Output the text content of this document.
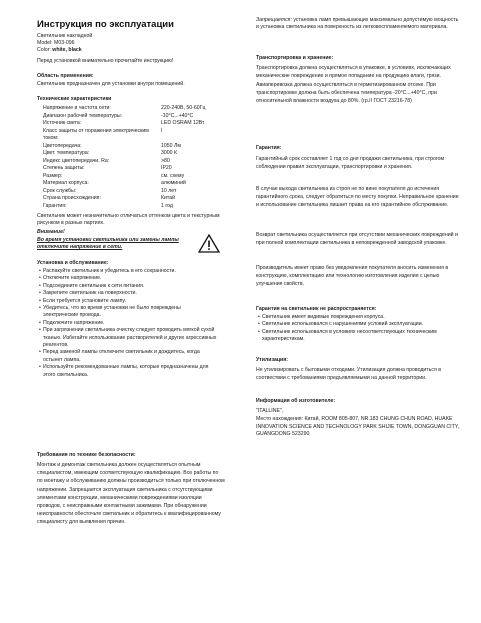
Инструкция по эксплуатации

Светильник накладной

Model: M03-096

Color: white, black

Перед установкой внимательно прочитайте инструкцию!

Область применения:

Светильник предназначен для установки внутри помещений.

Технические характеристики

Напряжение и частота сети:	220-240В, 50-60Гц
Диапазон рабочей температуры:	-10°С...+40°С
Источник света:	LED OSRAM 12Вт
Класс защиты от поражения электрическим током:	I
Цветопередача:	1050 Лм
Цвет. температура:	3000 К
Индекс цветопередачи, Ra:	>80
Степень защиты:	IP20
Размер:	см. схему
Материал корпуса:	алюминий
Срок службы:	10 лет
Страна происхождения:	Китай
Гарантия:	1 год

Светильник может незначительно отличаться оттенком цвета и текстурным рисунком в разных партиях.

Внимание!

Во время установки светильника или замены лампы отключите напряжение в сети.

Установка и обслуживание:

• Распакуйте светильник и убедитесь в его сохранности.
• Отключите напряжение.
• Подсоедините светильник к сети питания.
• Закрепите светильник на поверхности.
• Если требуется установите лампу.
• Убедитесь, что во время установки не было повреждены электрические провода.
• Подключите напряжение.
• При загрязнении светильника очистку следует проводить мягкой сухой тканью. Избегайте использование растворителей и других агрессивных реагентов.
• Перед заменой лампы отключите светильник и дождитесь, когда остынет лампа.
• Используйте рекомендованные лампы, которые предназначены для этого светильника.

Требования по технике безопасности:

Монтаж и демонтаж светильника должен осуществляться опытным специалистом, имеющим соответствующую квалификацию. Все работы по по монтажу и обслуживанию должны производиться только при отключенном напряжении. Запрещается эксплуатация светильника с отсутствующими элементами конструкции, механическими повреждениями изоляции проводов, с неисправными контактными зажимами. При обнаружении неисправности обесточьте светильник и обратитесь к квалифицированному специалисту для выявления причин.

Запрещается: установка ламп превышающих максимально допустимую мощность и установка светильника на поверхность из легковоспламеняемого материала.

Транспортировка и хранение:

Транспортировка должна осуществляться в упаковке, в условиях, исключающих механические повреждение и прямое попадание на продукцию влаги, грязи. Авиаперевозка должна осуществляться в герметизированном отсеке. При транспортировке должна быть обеспечена температура -20°С...+40°С, при относительной влажности воздуха до 80%. (гр.II ГОСТ 23216-78)

Гарантия:

Гарантийный срок составляет 1 год со дня продажи светильника, при строгом соблюдении правил эксплуатации, транспортировки и хранения.

В случае выхода светильника из строя не по вине покупателя до истечения гарантийного срока, следует обратиться по месту покупки. Неправильное хранение и использование светильника лишает права на его гарантийное обслуживание.

Возврат светильника осуществляется при отсутствии механических повреждений и при полной комплектации светильника в неповрежденной заводской упаковке.

Производитель имеет право без уведомления покупателя вносить изменения в конструкцию, комплектацию или технологию изготовления изделия с целью улучшения свойств.

Гарантия на светильник не распространяется:

• Светильник имеет видимые повреждения корпуса.
• Светильник использовался с нарушениями условий эксплуатации.
• Светильник использовался в условиях несоответствующих техническим характеристикам.

Утилизация:

Не утилизировать с бытовыми отходами. Утилизация должна проводиться в соотвествии с требованиями предъявляемыми на данной территории.

Информация об изготовителе:

"ITALLINE",

Место нахождения: Китай, ROOM 805-807, NR.183 CHUNG CHUN ROAD, HUAKE INNOVATION SCIENCE AND TECHNOLOGY PARK SHIJIE TOWN, DONGGUAN CITY, GUANGDONG 523290
